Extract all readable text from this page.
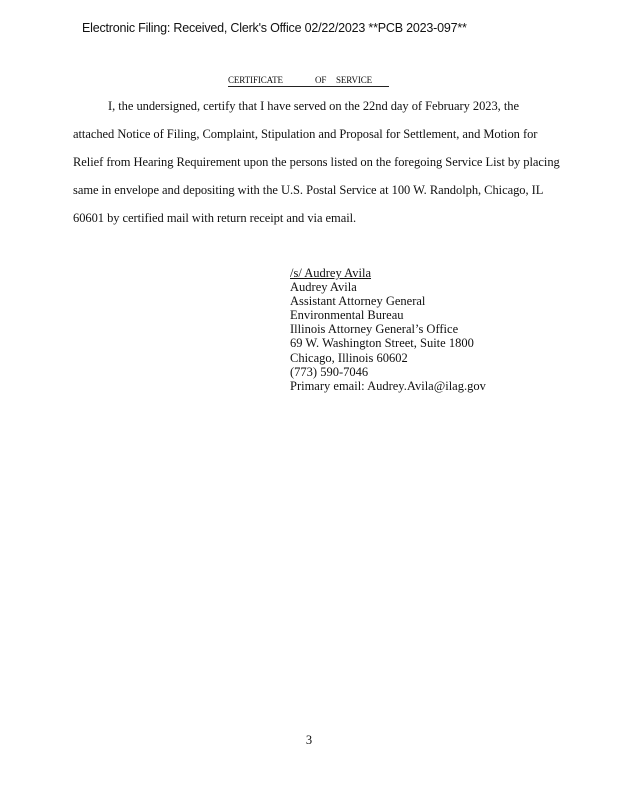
Electronic Filing: Received, Clerk's Office 02/22/2023 **PCB 2023-097**
CERTIFICATE	OF SERVICE
I, the undersigned, certify that I have served on the 22nd day of February 2023, the
attached Notice of Filing, Complaint, Stipulation and Proposal for Settlement, and Motion for
Relief from Hearing Requirement upon the persons listed on the foregoing Service List by placing
same in envelope and depositing with the U.S. Postal Service at 100 W. Randolph, Chicago, IL
60601 by certified mail with return receipt and via email.
/s/ Audrey Avila
Audrey Avila
Assistant Attorney General
Environmental Bureau
Illinois Attorney General’s Office
69 W. Washington Street, Suite 1800
Chicago, Illinois 60602
(773) 590-7046
Primary email: Audrey.Avila@ilag.gov
3
